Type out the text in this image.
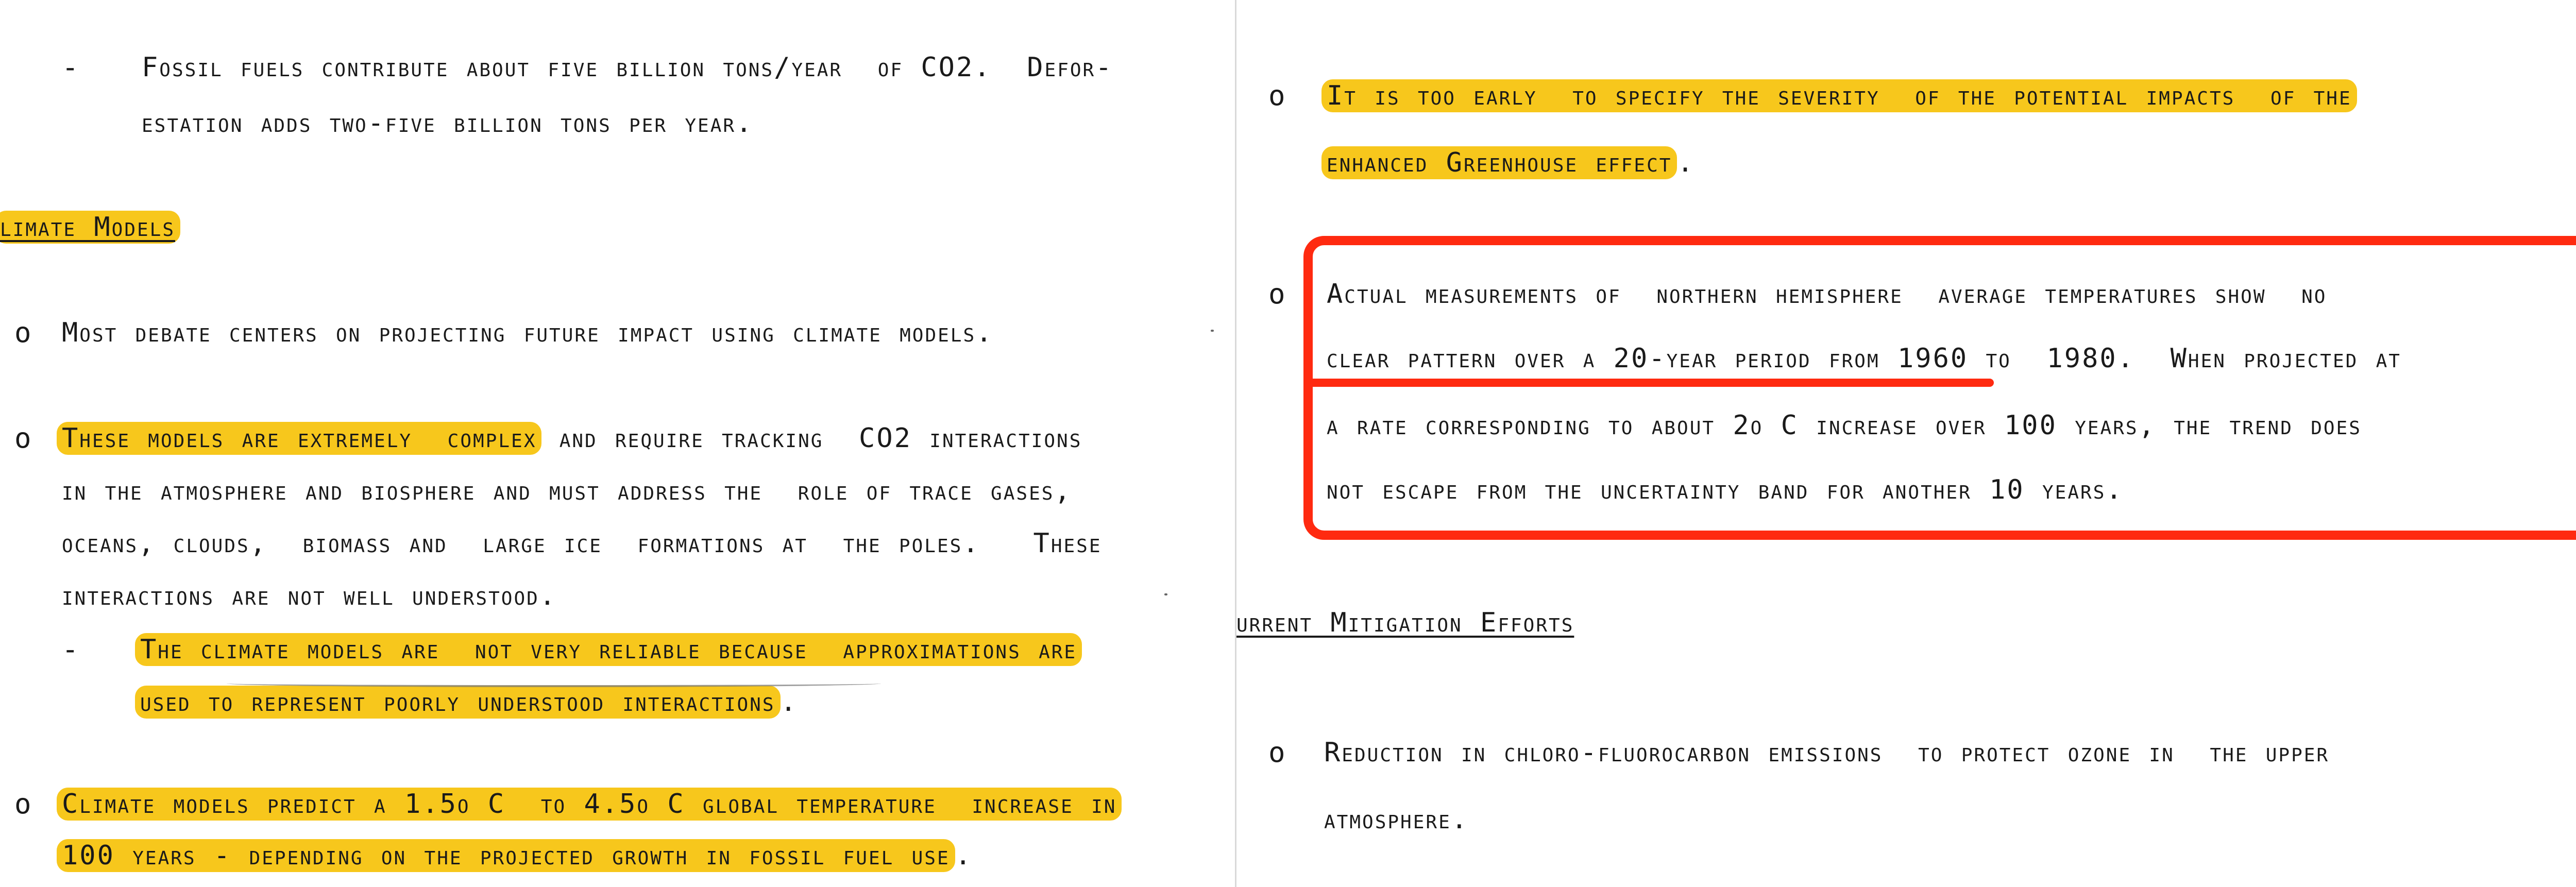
- Fossil fuels contribute about five billion tons/year  of CO2.  Defor-
estation adds two-five billion tons per year.
limate Models
o Most debate centers on projecting future impact using climate models.
o These models are extremely  complex and require tracking  CO2 interactions
in the atmosphere and biosphere and must address the  role of trace gases,
oceans, clouds,  biomass and  large ice  formations at  the poles.   These
interactions are not well understood.
- The climate models are  not very reliable because  approximations are
used to represent poorly understood interactions .
o Climate models predict a 1.5o C  to 4.5o C global temperature  increase in
100 years - depending on the projected growth in fossil fuel use .
o It is too early  to specify the severity  of the potential impacts  of the
enhanced Greenhouse effect .
o Actual measurements of  northern hemisphere  average temperatures show  no
clear pattern over a 20-year period from 1960 to  1980.  When projected at
a rate corresponding to about 2o C increase over 100 years, the trend does
not escape from the uncertainty band for another 10 years.
urrent Mitigation Efforts
o Reduction in chloro-fluorocarbon emissions  to protect ozone in  the upper
atmosphere.
